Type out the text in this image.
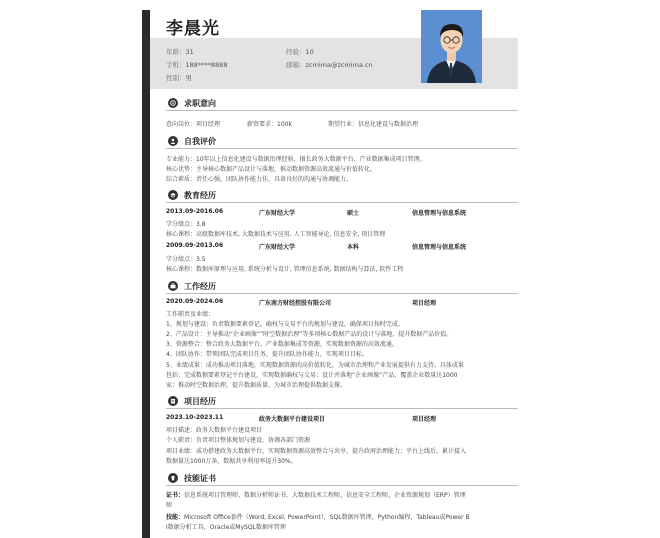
李晨光
年龄：31	经验：10
手机：188****8888	邮箱：zcmima@zcmima.cn
性别：男
求职意向
意向岗位：项目经理	薪资要求：100k	期望行业：信息化建设与数据治理
自我评价
专业能力：10年以上信息化建设与数据治理经验，擅长政务大数据平台、产业数据集成项目管理。
核心优势：主导核心数据产品设计与落地，推动数据资源高效流通与价值转化。
综合素质：责任心强，团队协作能力佳，具备良好的沟通与协调能力。
教育经历
2013.09-2016.06	广东财经大学	硕士	信息管理与信息系统
学分绩点：3.8
核心课程：高级数据库技术, 大数据技术与应用, 人工智能导论, 信息安全, 项目管理
2009.09-2013.06	广东财经大学	本科	信息管理与信息系统
学分绩点：3.5
核心课程：数据库原理与应用, 系统分析与设计, 管理信息系统, 数据结构与算法, 软件工程
工作经历
2020.09-2024.06	广东南方财经控股有限公司	项目经理
工作职责及业绩：
1、规划与建设：负责数据要素登记、确权与交易平台的规划与建设，确保项目按时完成。
2、产品设计：主导推动“企业画像”“时空数据治理”等多项核心数据产品的设计与落地，提升数据产品价值。
3、资源整合：整合政务大数据平台、产业数据集成等资源，实现数据资源的高效流通。
4、团队协作：带领团队完成项目任务，提升团队协作能力，实现项目目标。
5、业绩成果：成功推动项目落地，实现数据资源的高价值转化，为城市治理和产业发展提供有力支持。具体成果
包括：完成数据要素登记平台建设，实现数据确权与交易；设计并落地“企业画像”产品，覆盖企业数量达1000
家；推动时空数据治理，提升数据质量，为城市治理提供数据支撑。
项目经历
2023.10-2023.11	政务大数据平台建设项目	项目经理
项目描述：政务大数据平台建设项目
个人职责：负责项目整体规划与建设，协调各部门资源
项目业绩：成功搭建政务大数据平台，实现数据资源高效整合与共享，提升政府治理能力；平台上线后，累计接入
数据量达1000万条，数据共享利用率提升30%。
技能证书
证书：信息系统项目管理师、数据分析师证书、大数据技术工程师、信息安全工程师、企业资源规划（ERP）管理
师
技能：Microsoft Office套件（Word, Excel, PowerPoint），SQL数据库管理，Python编程，Tableau或Power B
I数据分析工具，Oracle或MySQL数据库管理
